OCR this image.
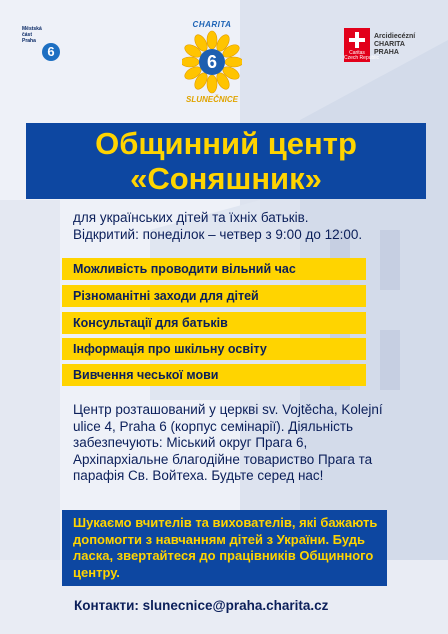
Městská
část
Praha
6
CHARITA
6
SLUNEČNICE
Caritas
Czech Republic
Arcidiecézní
CHARITA
PRAHA
Общинний центр
«Соняшник»
для українських дітей та їхніх батьків.
Відкритий: понеділок – четвер з 9:00 до 12:00.
Можливість проводити вільний час
Різноманітні заходи для дітей
Консультації для батьків
Інформація про шкільну освіту
Вивчення чеської мови
Центр розташований у церкві sv. Vojtěcha, Kolejní ulice 4, Praha 6 (корпус семінарії). Діяльність забезпечують: Міський округ Прага 6, Архіпархіальне благодійне товариство Прага та парафія Св. Войтеха. Будьте серед нас!
Шукаємо вчителів та вихователів, які бажають допомогти з навчанням дітей з України. Будь ласка, звертайтеся до працівників Общинного центру.
Контакти: slunecnice@praha.charita.cz
